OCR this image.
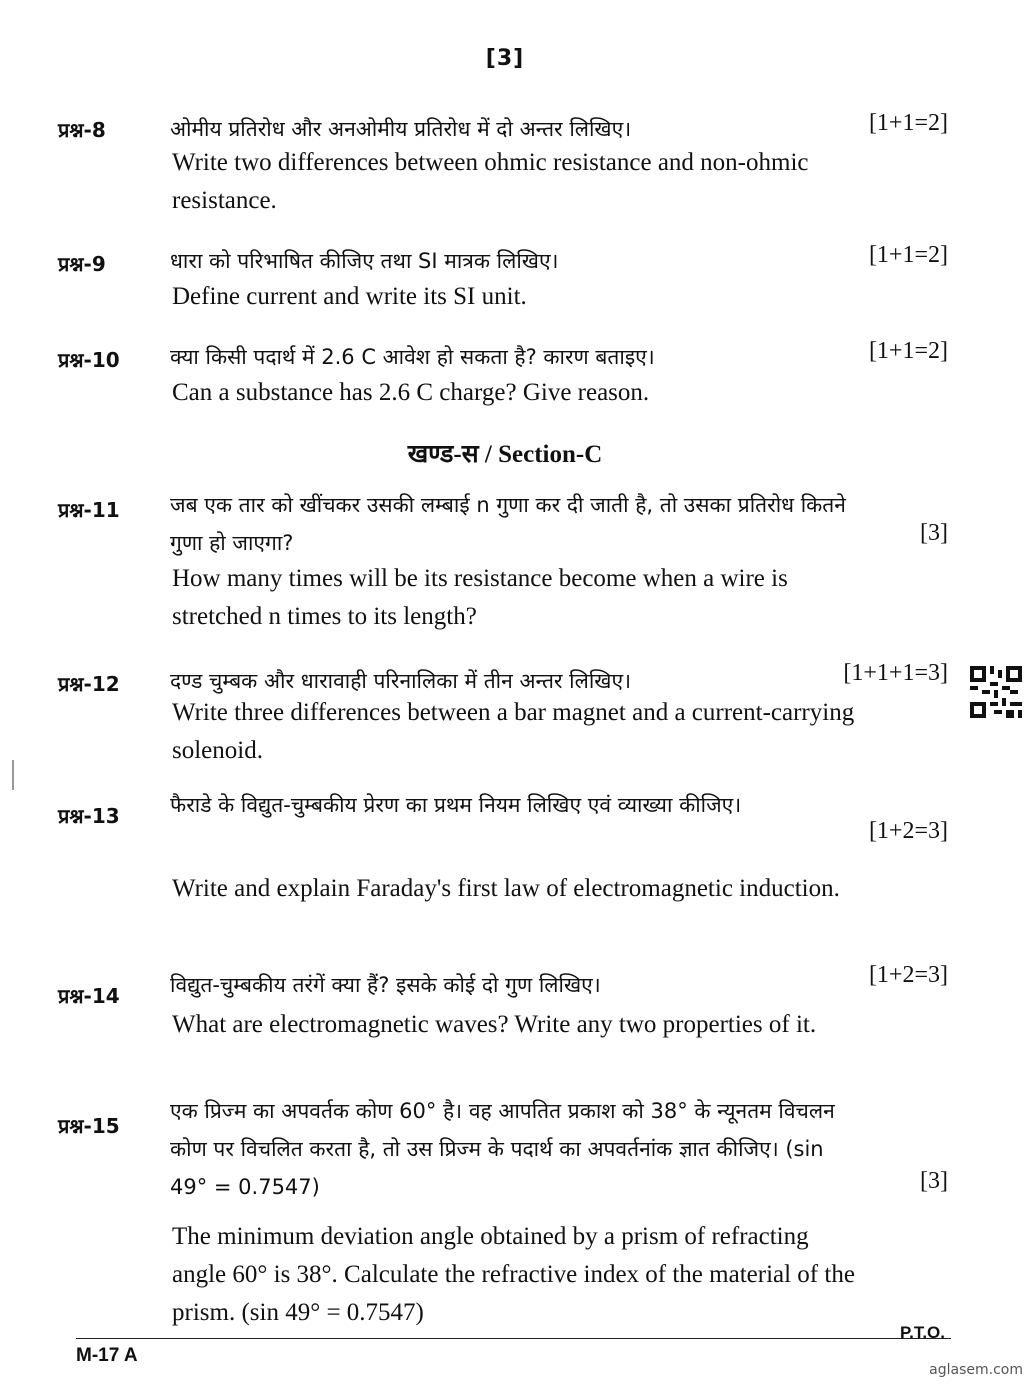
[3]
प्रश्न-8	ओमीय प्रतिरोध और अनओमीय प्रतिरोध में दो अन्तर लिखिए।
Write two differences between ohmic resistance and non-ohmic resistance.
[1+1=2]
प्रश्न-9	धारा को परिभाषित कीजिए तथा SI मात्रक लिखिए।
Define current and write its SI unit.
[1+1=2]
प्रश्न-10 क्या किसी पदार्थ में 2.6 C आवेश हो सकता है? कारण बताइए।
Can a substance has 2.6 C charge? Give reason.
[1+1=2]
खण्ड-स / Section-C
प्रश्न-11 जब एक तार को खींचकर उसकी लम्बाई n गुणा कर दी जाती है, तो उसका प्रतिरोध कितने गुणा हो जाएगा?
How many times will be its resistance become when a wire is stretched n times to its length?
[3]
प्रश्न-12 दण्ड चुम्बक और धारावाही परिनालिका में तीन अन्तर लिखिए।
Write three differences between a bar magnet and a current-carrying solenoid.
[1+1+1=3]
प्रश्न-13 फैराडे के विद्युत-चुम्बकीय प्रेरण का प्रथम नियम लिखिए एवं व्याख्या कीजिए।
Write and explain Faraday's first law of electromagnetic induction.
[1+2=3]
प्रश्न-14 विद्युत-चुम्बकीय तरंगें क्या हैं? इसके कोई दो गुण लिखिए।
What are electromagnetic waves? Write any two properties of it.
[1+2=3]
प्रश्न-15
एक प्रिज्म का अपवर्तक कोण 60° है। वह आपतित प्रकाश को 38° के न्यूनतम विचलन कोण पर विचलित करता है, तो उस प्रिज्म के पदार्थ का अपवर्तनांक ज्ञात कीजिए। (sin 49° = 0.7547)
The minimum deviation angle obtained by a prism of refracting angle 60° is 38°. Calculate the refractive index of the material of the prism. (sin 49° = 0.7547)
[3]
M-17 A
P.T.O.
aglasem.com
